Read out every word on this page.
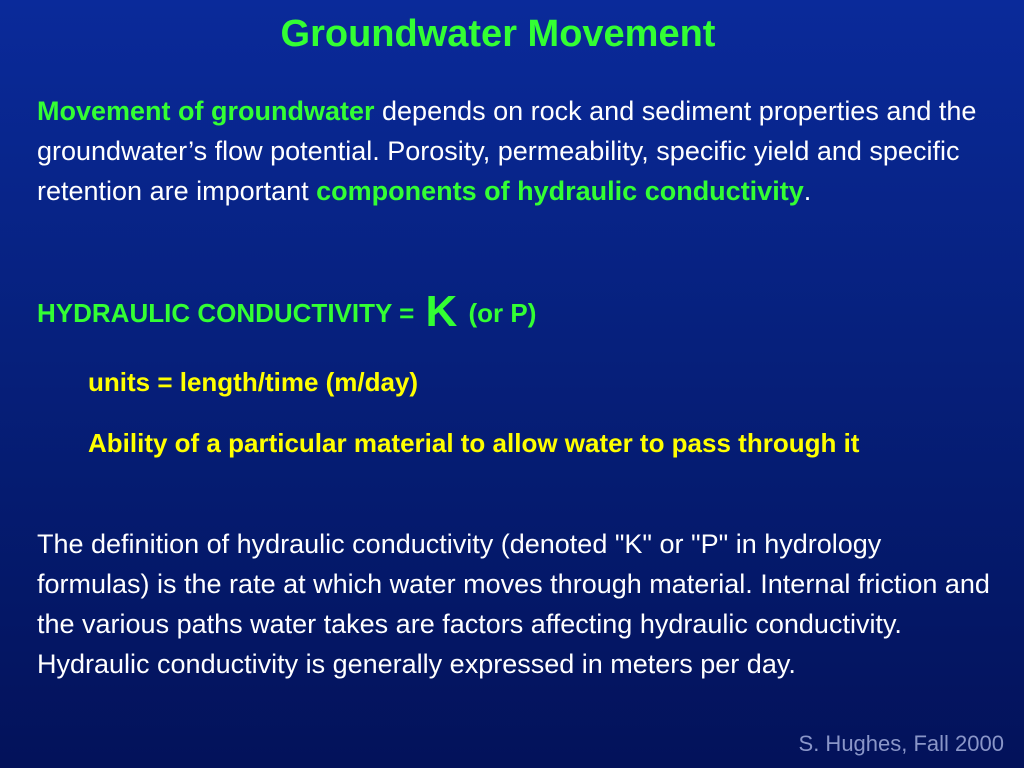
Groundwater Movement

Movement of groundwater depends on rock and sediment properties and the groundwater’s flow potential. Porosity, permeability, specific yield and specific retention are important components of hydraulic conductivity.

HYDRAULIC CONDUCTIVITY = K (or P)

units = length/time (m/day)

Ability of a particular material to allow water to pass through it

The definition of hydraulic conductivity (denoted "K" or "P" in hydrology formulas) is the rate at which water moves through material. Internal friction and the various paths water takes are factors affecting hydraulic conductivity. Hydraulic conductivity is generally expressed in meters per day.

S. Hughes, Fall 2000
